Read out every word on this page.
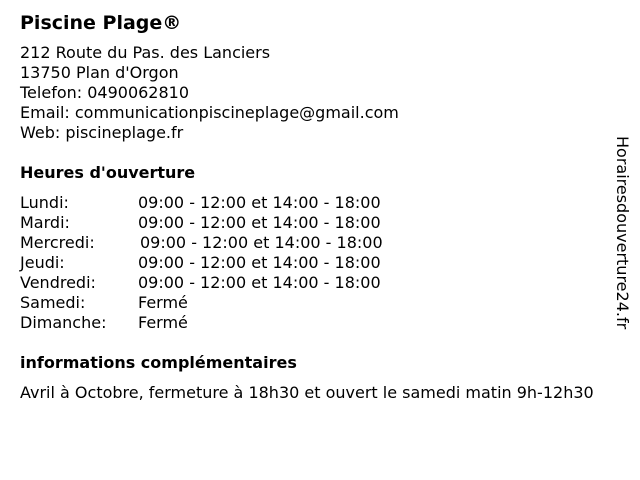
Piscine Plage®
212 Route du Pas. des Lanciers
13750 Plan d'Orgon
Telefon: 0490062810
Email: communicationpiscineplage@gmail.com
Web: piscineplage.fr
Heures d'ouverture
Lundi:	09:00 - 12:00 et 14:00 - 18:00
Mardi:	09:00 - 12:00 et 14:00 - 18:00
Mercredi:	09:00 - 12:00 et 14:00 - 18:00
Jeudi:	09:00 - 12:00 et 14:00 - 18:00
Vendredi:	09:00 - 12:00 et 14:00 - 18:00
Samedi:	Fermé
Dimanche:	Fermé
informations complémentaires
Avril à Octobre, fermeture à 18h30 et ouvert le samedi matin 9h-12h30
Horairesdouverture24.fr
